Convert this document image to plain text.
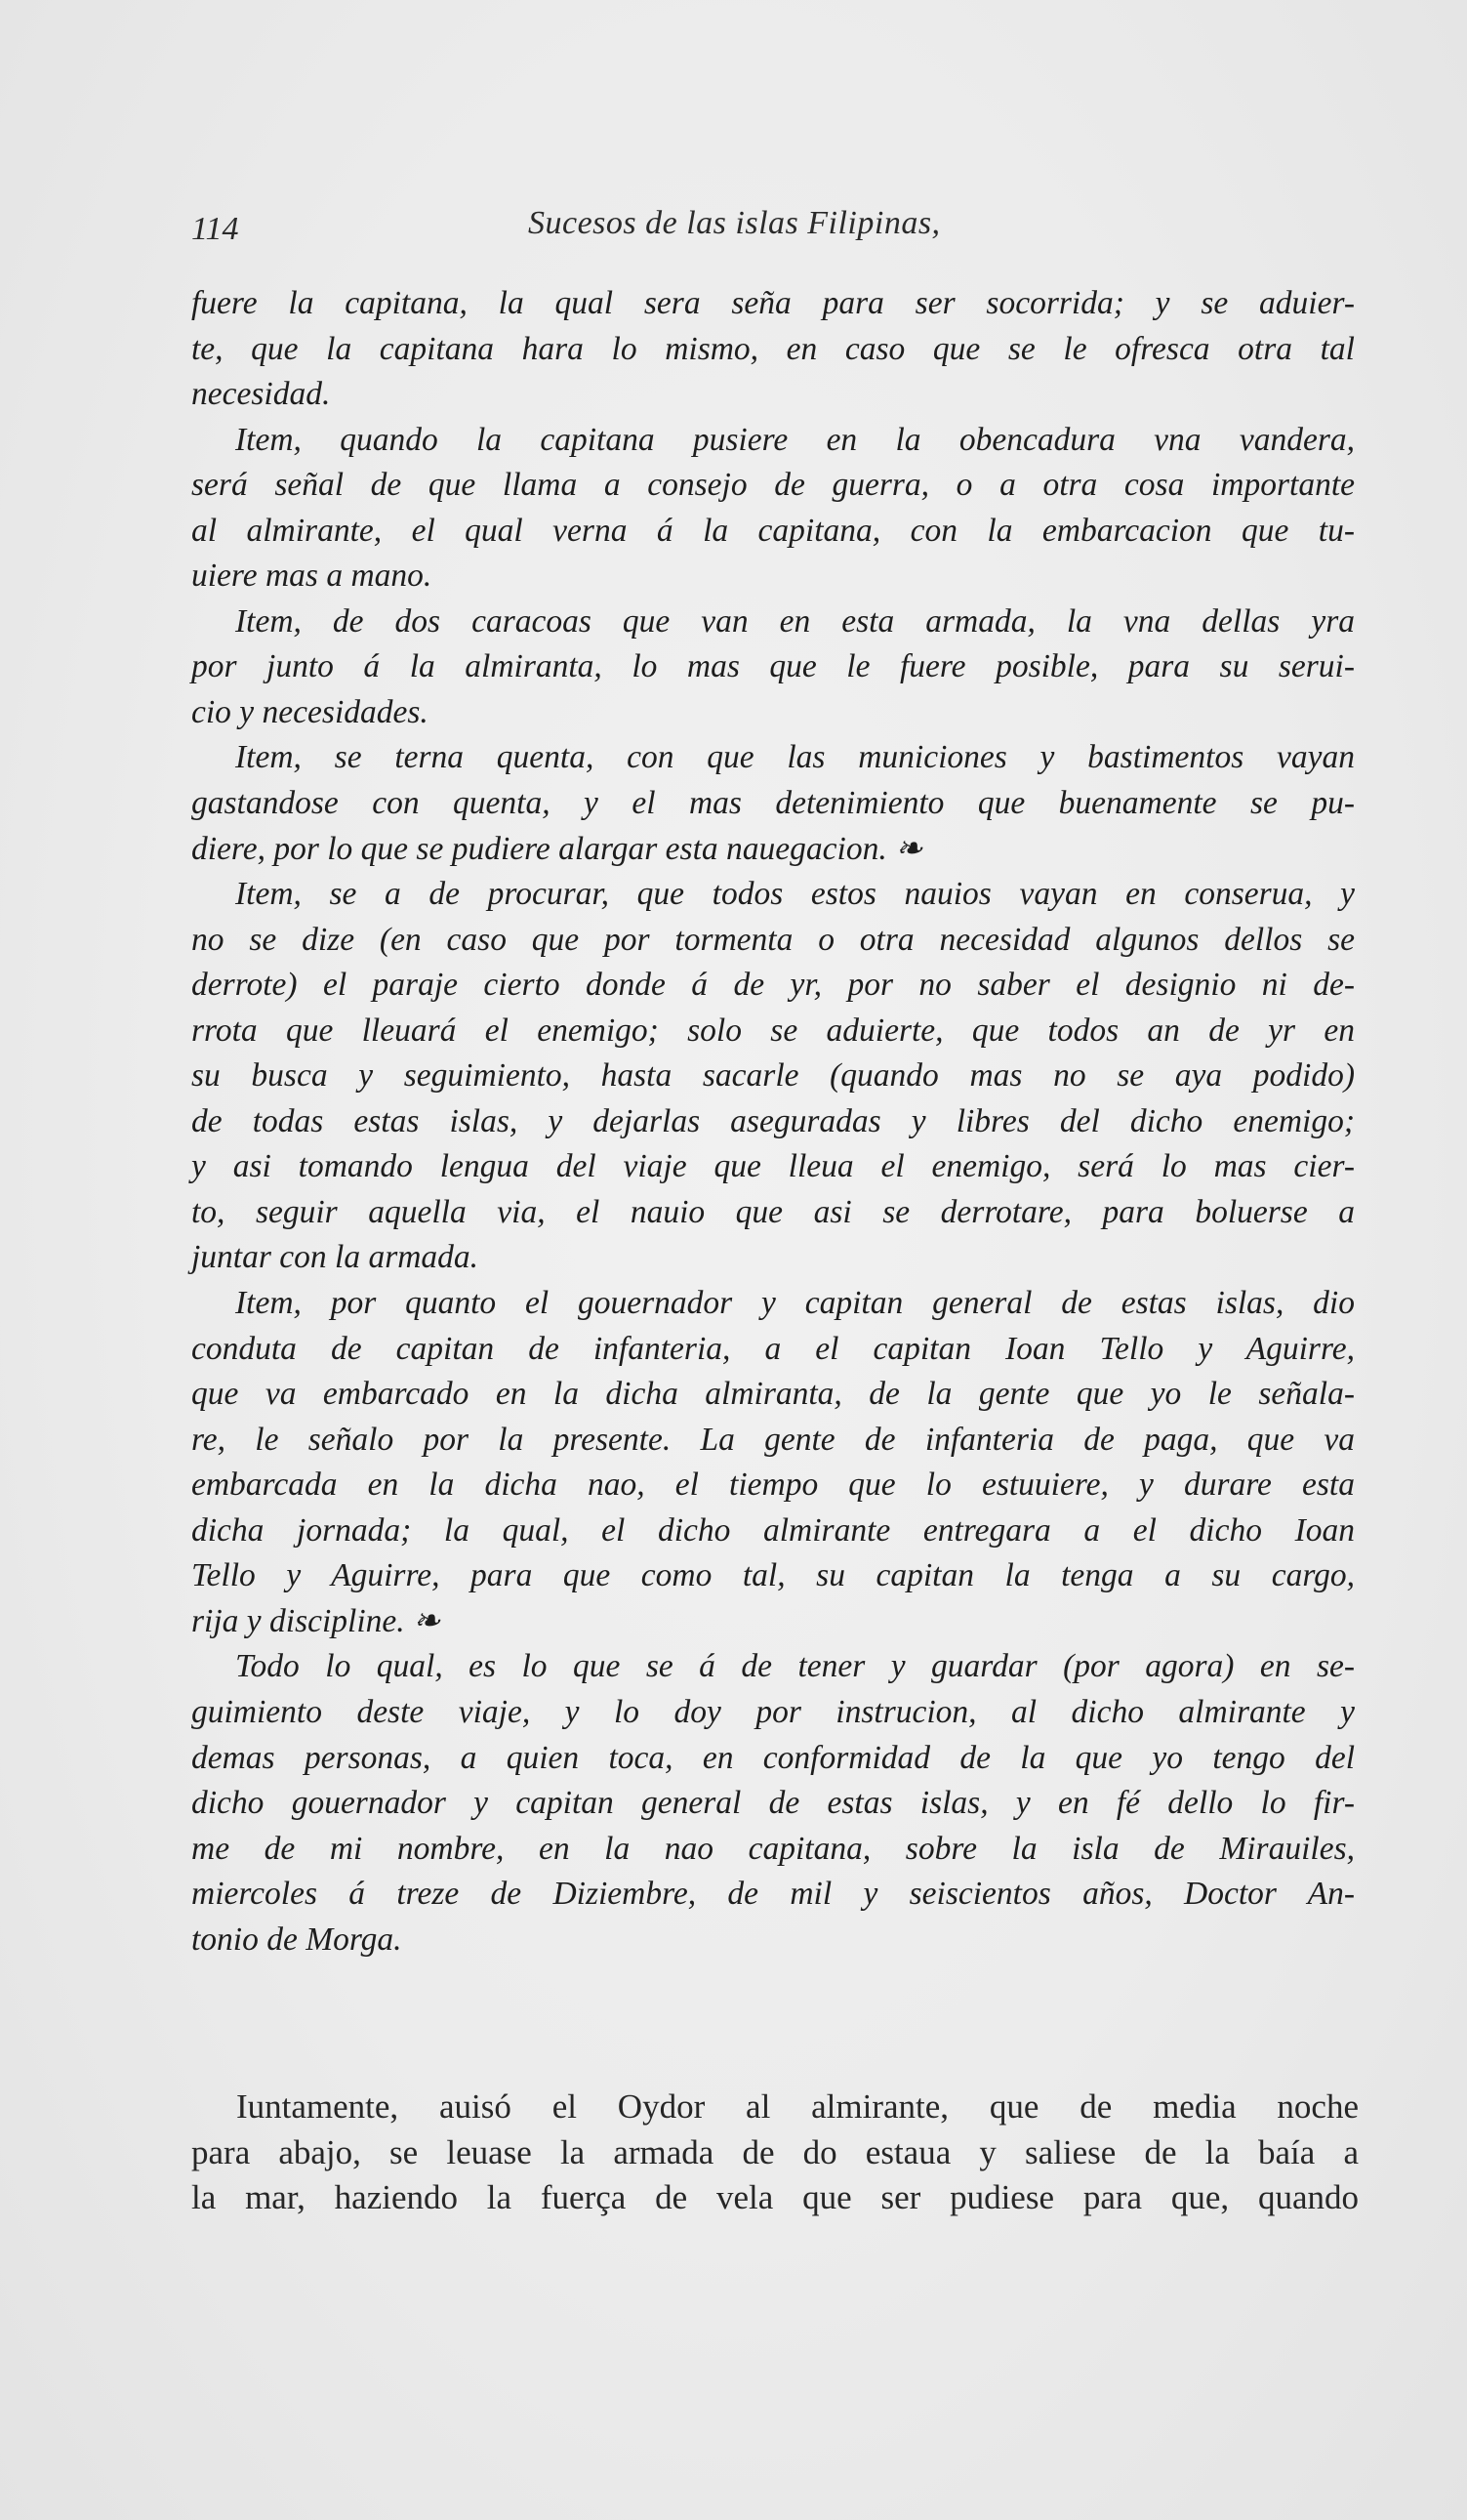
114	Sucesos de las islas Filipinas,
fuere la capitana, la qual sera seña para ser socorrida; y se aduier-
te, que la capitana hara lo mismo, en caso que se le ofresca otra tal
necesidad.
Item, quando la capitana pusiere en la obencadura vna vandera,
será señal de que llama a consejo de guerra, o a otra cosa importante
al almirante, el qual verna á la capitana, con la embarcacion que tu-
uiere mas a mano.
Item, de dos caracoas que van en esta armada, la vna dellas yra
por junto á la almiranta, lo mas que le fuere posible, para su serui-
cio y necesidades.
Item, se terna quenta, con que las municiones y bastimentos vayan
gastandose con quenta, y el mas detenimiento que buenamente se pu-
diere, por lo que se pudiere alargar esta nauegacion. ❧
Item, se a de procurar, que todos estos nauios vayan en conserua, y
no se dize (en caso que por tormenta o otra necesidad algunos dellos se
derrote) el paraje cierto donde á de yr, por no saber el designio ni de-
rrota que lleuará el enemigo; solo se aduierte, que todos an de yr en
su busca y seguimiento, hasta sacarle (quando mas no se aya podido)
de todas estas islas, y dejarlas aseguradas y libres del dicho enemigo;
y asi tomando lengua del viaje que lleua el enemigo, será lo mas cier-
to, seguir aquella via, el nauio que asi se derrotare, para boluerse a
juntar con la armada.
Item, por quanto el gouernador y capitan general de estas islas, dio
conduta de capitan de infanteria, a el capitan Ioan Tello y Aguirre,
que va embarcado en la dicha almiranta, de la gente que yo le señala-
re, le señalo por la presente. La gente de infanteria de paga, que va
embarcada en la dicha nao, el tiempo que lo estuuiere, y durare esta
dicha jornada; la qual, el dicho almirante entregara a el dicho Ioan
Tello y Aguirre, para que como tal, su capitan la tenga a su cargo,
rija y discipline. ❧
Todo lo qual, es lo que se á de tener y guardar (por agora) en se-
guimiento deste viaje, y lo doy por instrucion, al dicho almirante y
demas personas, a quien toca, en conformidad de la que yo tengo del
dicho gouernador y capitan general de estas islas, y en fé dello lo fir-
me de mi nombre, en la nao capitana, sobre la isla de Mirauiles,
miercoles á treze de Diziembre, de mil y seiscientos años, Doctor An-
tonio de Morga.
Iuntamente, auisó el Oydor al almirante, que de media noche
para abajo, se leuase la armada de do estaua y saliese de la baía a
la mar, haziendo la fuerça de vela que ser pudiese para que, quando
